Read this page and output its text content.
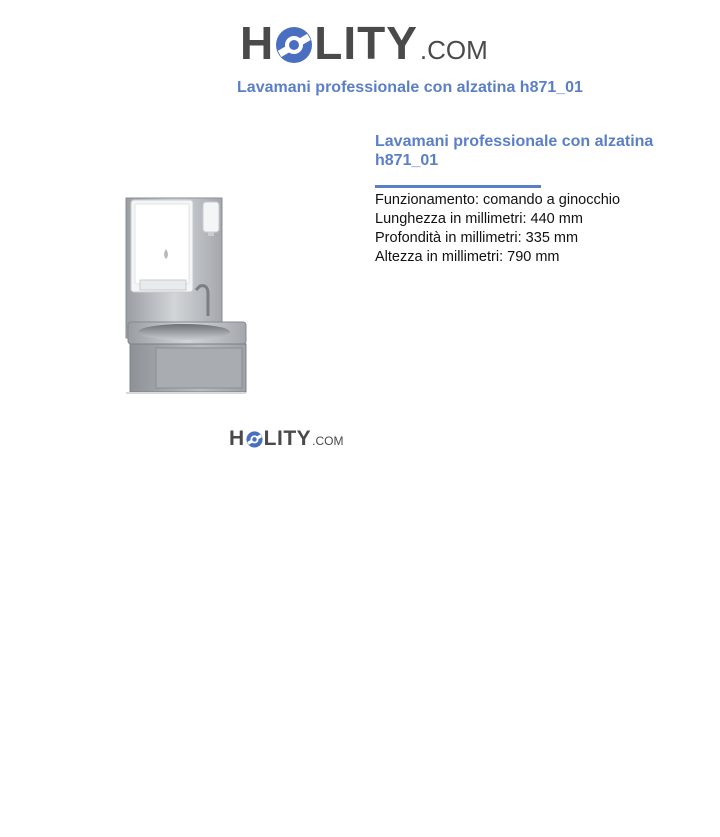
H LITY .COM
Lavamani professionale con alzatina h871_01
H LITY .COM
Lavamani professionale con alzatina h871_01
Funzionamento: comando a ginocchio
Lunghezza in millimetri: 440 mm
Profondità in millimetri: 335 mm
Altezza in millimetri: 790 mm
